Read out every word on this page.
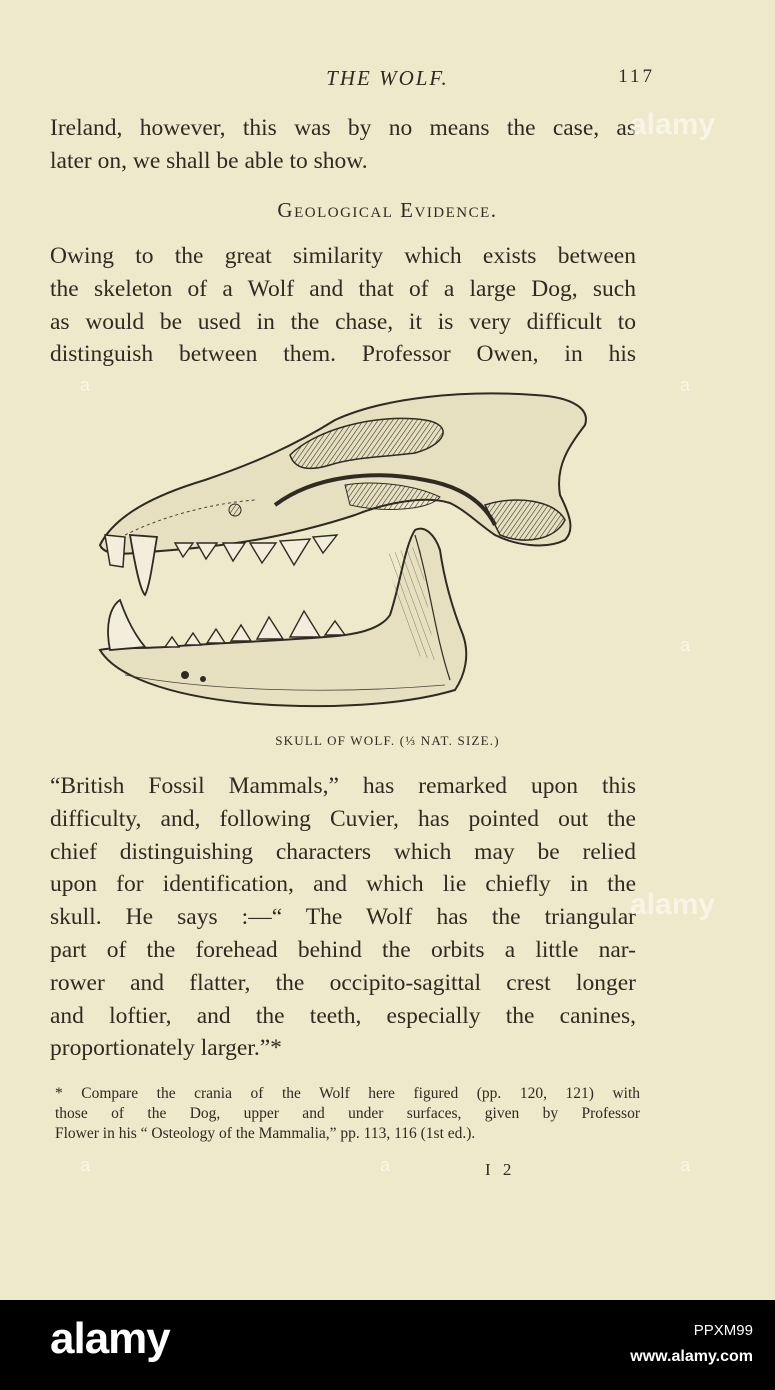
THE WOLF.	117

Ireland, however, this was by no means the case, as
later on, we shall be able to show.

Geological Evidence.

Owing to the great similarity which exists between
the skeleton of a Wolf and that of a large Dog, such
as would be used in the chase, it is very difficult to
distinguish between them. Professor Owen, in his

SKULL OF WOLF. (⅓ NAT. SIZE.)

“British Fossil Mammals,” has remarked upon this
difficulty, and, following Cuvier, has pointed out the
chief distinguishing characters which may be relied
upon for identification, and which lie chiefly in the
skull. He says :—“ The Wolf has the triangular
part of the forehead behind the orbits a little nar-
rower and flatter, the occipito-sagittal crest longer
and loftier, and the teeth, especially the canines,
proportionately larger.”*

* Compare the crania of the Wolf here figured (pp. 120, 121) with
those of the Dog, upper and under surfaces, given by Professor
Flower in his “ Osteology of the Mammalia,” pp. 113, 116 (1st ed.).

I 2
alamy
alamy
a
a
a
a
a	a
alamy	PPXM99
www.alamy.com
